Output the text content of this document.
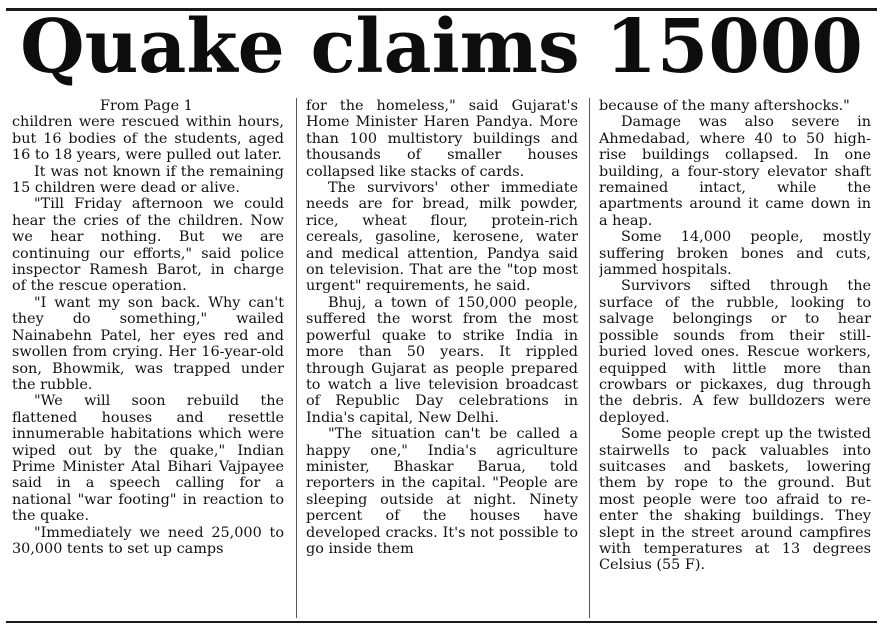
Quake claims 15000
From Page 1

children were rescued within hours, but 16 bodies of the students, aged 16 to 18 years, were pulled out later.

It was not known if the remaining 15 children were dead or alive.

"Till Friday afternoon we could hear the cries of the children. Now we hear nothing. But we are continuing our efforts," said police inspector Ramesh Barot, in charge of the rescue operation.

"I want my son back. Why can't they do something," wailed Nainabehn Patel, her eyes red and swollen from crying. Her 16-year-old son, Bhowmik, was trapped under the rubble.

"We will soon rebuild the flattened houses and resettle innumerable habitations which were wiped out by the quake," Indian Prime Minister Atal Bihari Vajpayee said in a speech calling for a national "war footing" in reaction to the quake.

"Immediately we need 25,000 to 30,000 tents to set up camps

for the homeless," said Gujarat's Home Minister Haren Pandya. More than 100 multistory buildings and thousands of smaller houses collapsed like stacks of cards.

The survivors' other immediate needs are for bread, milk powder, rice, wheat flour, protein-rich cereals, gasoline, kerosene, water and medical attention, Pandya said on television. That are the "top most urgent" requirements, he said.

Bhuj, a town of 150,000 people, suffered the worst from the most powerful quake to strike India in more than 50 years. It rippled through Gujarat as people prepared to watch a live television broadcast of Republic Day celebrations in India's capital, New Delhi.

"The situation can't be called a happy one," India's agriculture minister, Bhaskar Barua, told reporters in the capital. "People are sleeping outside at night. Ninety percent of the houses have developed cracks. It's not possible to go inside them

because of the many aftershocks."

Damage was also severe in Ahmedabad, where 40 to 50 high-rise buildings collapsed. In one building, a four-story elevator shaft remained intact, while the apartments around it came down in a heap.

Some 14,000 people, mostly suffering broken bones and cuts, jammed hospitals.

Survivors sifted through the surface of the rubble, looking to salvage belongings or to hear possible sounds from their still-buried loved ones. Rescue workers, equipped with little more than crowbars or pickaxes, dug through the debris. A few bulldozers were deployed.

Some people crept up the twisted stairwells to pack valuables into suitcases and baskets, lowering them by rope to the ground. But most people were too afraid to re-enter the shaking buildings. They slept in the street around campfires with temperatures at 13 degrees Celsius (55 F).
